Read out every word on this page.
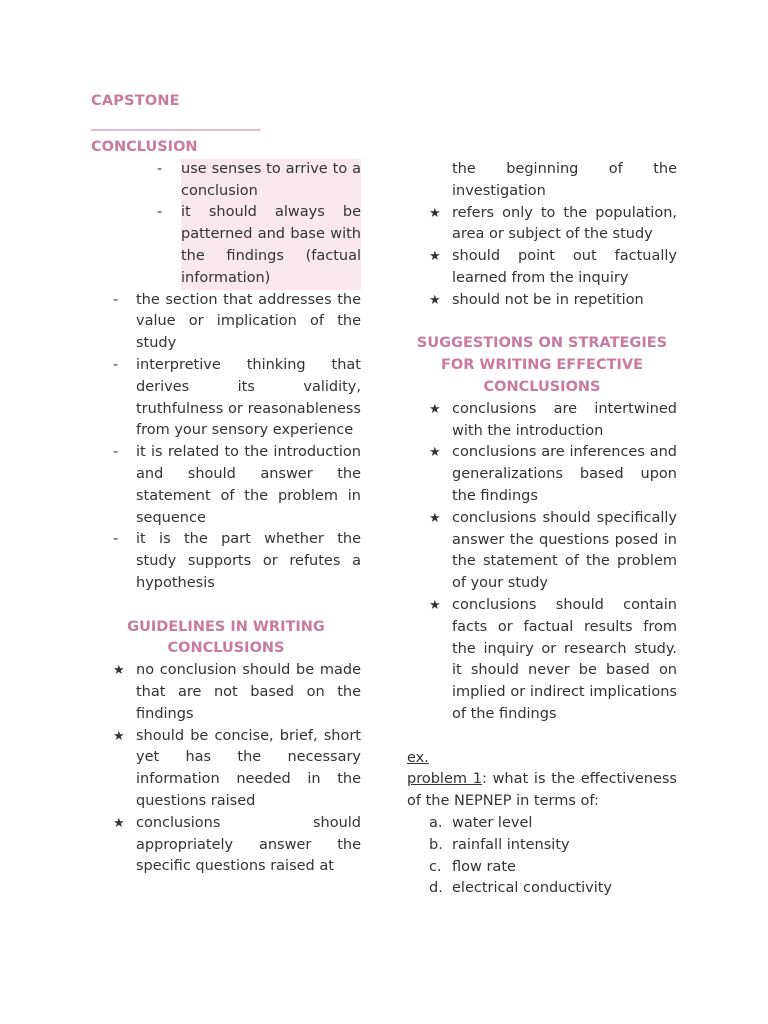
CAPSTONE
_________________________
CONCLUSION
-	use senses to arrive to a conclusion
-	it should always be patterned and base with the findings (factual information)
-	the section that addresses the value or implication of the study
-	interpretive thinking that derives its validity, truthfulness or reasonableness from your sensory experience
-	it is related to the introduction and should answer the statement of the problem in sequence
-	it is the part whether the study supports or refutes a hypothesis
GUIDELINES IN WRITING
CONCLUSIONS
★ no conclusion should be made that are not based on the findings
★ should be concise, brief, short yet has the necessary information needed in the questions raised
★ conclusions should appropriately answer the specific questions raised at
the beginning of the
investigation
★ refers only to the population, area or subject of the study
★ should point out factually learned from the inquiry
★ should not be in repetition
SUGGESTIONS ON STRATEGIES
FOR WRITING EFFECTIVE
CONCLUSIONS
★ conclusions are intertwined with the introduction
★ conclusions are inferences and generalizations based upon the findings
★ conclusions should specifically answer the questions posed in the statement of the problem of your study
★ conclusions should contain facts or factual results from the inquiry or research study. it should never be based on implied or indirect implications of the findings
ex.
problem 1: what is the effectiveness of the NEPNEP in terms of:
a. water level
b. rainfall intensity
c. flow rate
d. electrical conductivity
